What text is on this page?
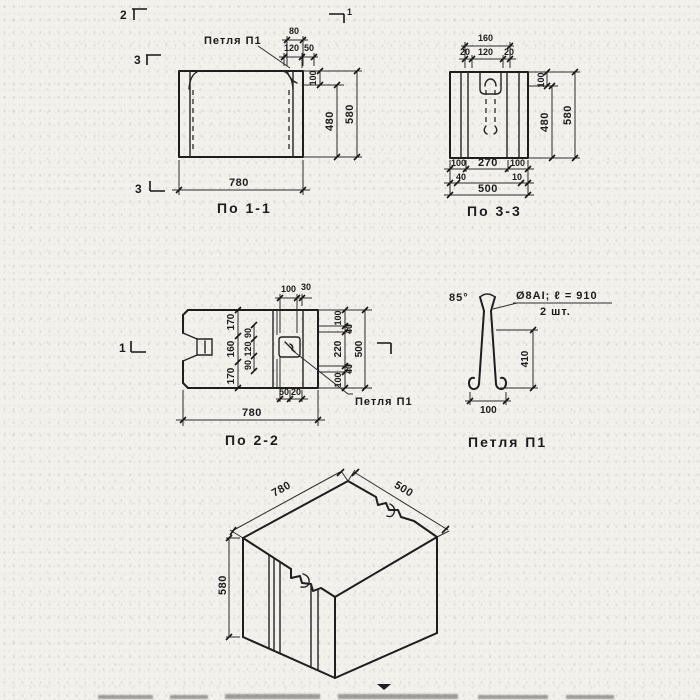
Петля П1
80
120 50
100
480 580
780
По 1-1
2	1
3
3
160
20 120 20
100
480 580
100 270 100
40	10
500
По 3-3
Петля П1
100 30
100
40
220
40
100
500
170
160
170
90
120
90
50 20
780
По 2-2
1
85°	Ø8АI; ℓ = 910
2 шт.
410
100
Петля П1
780	500
580
